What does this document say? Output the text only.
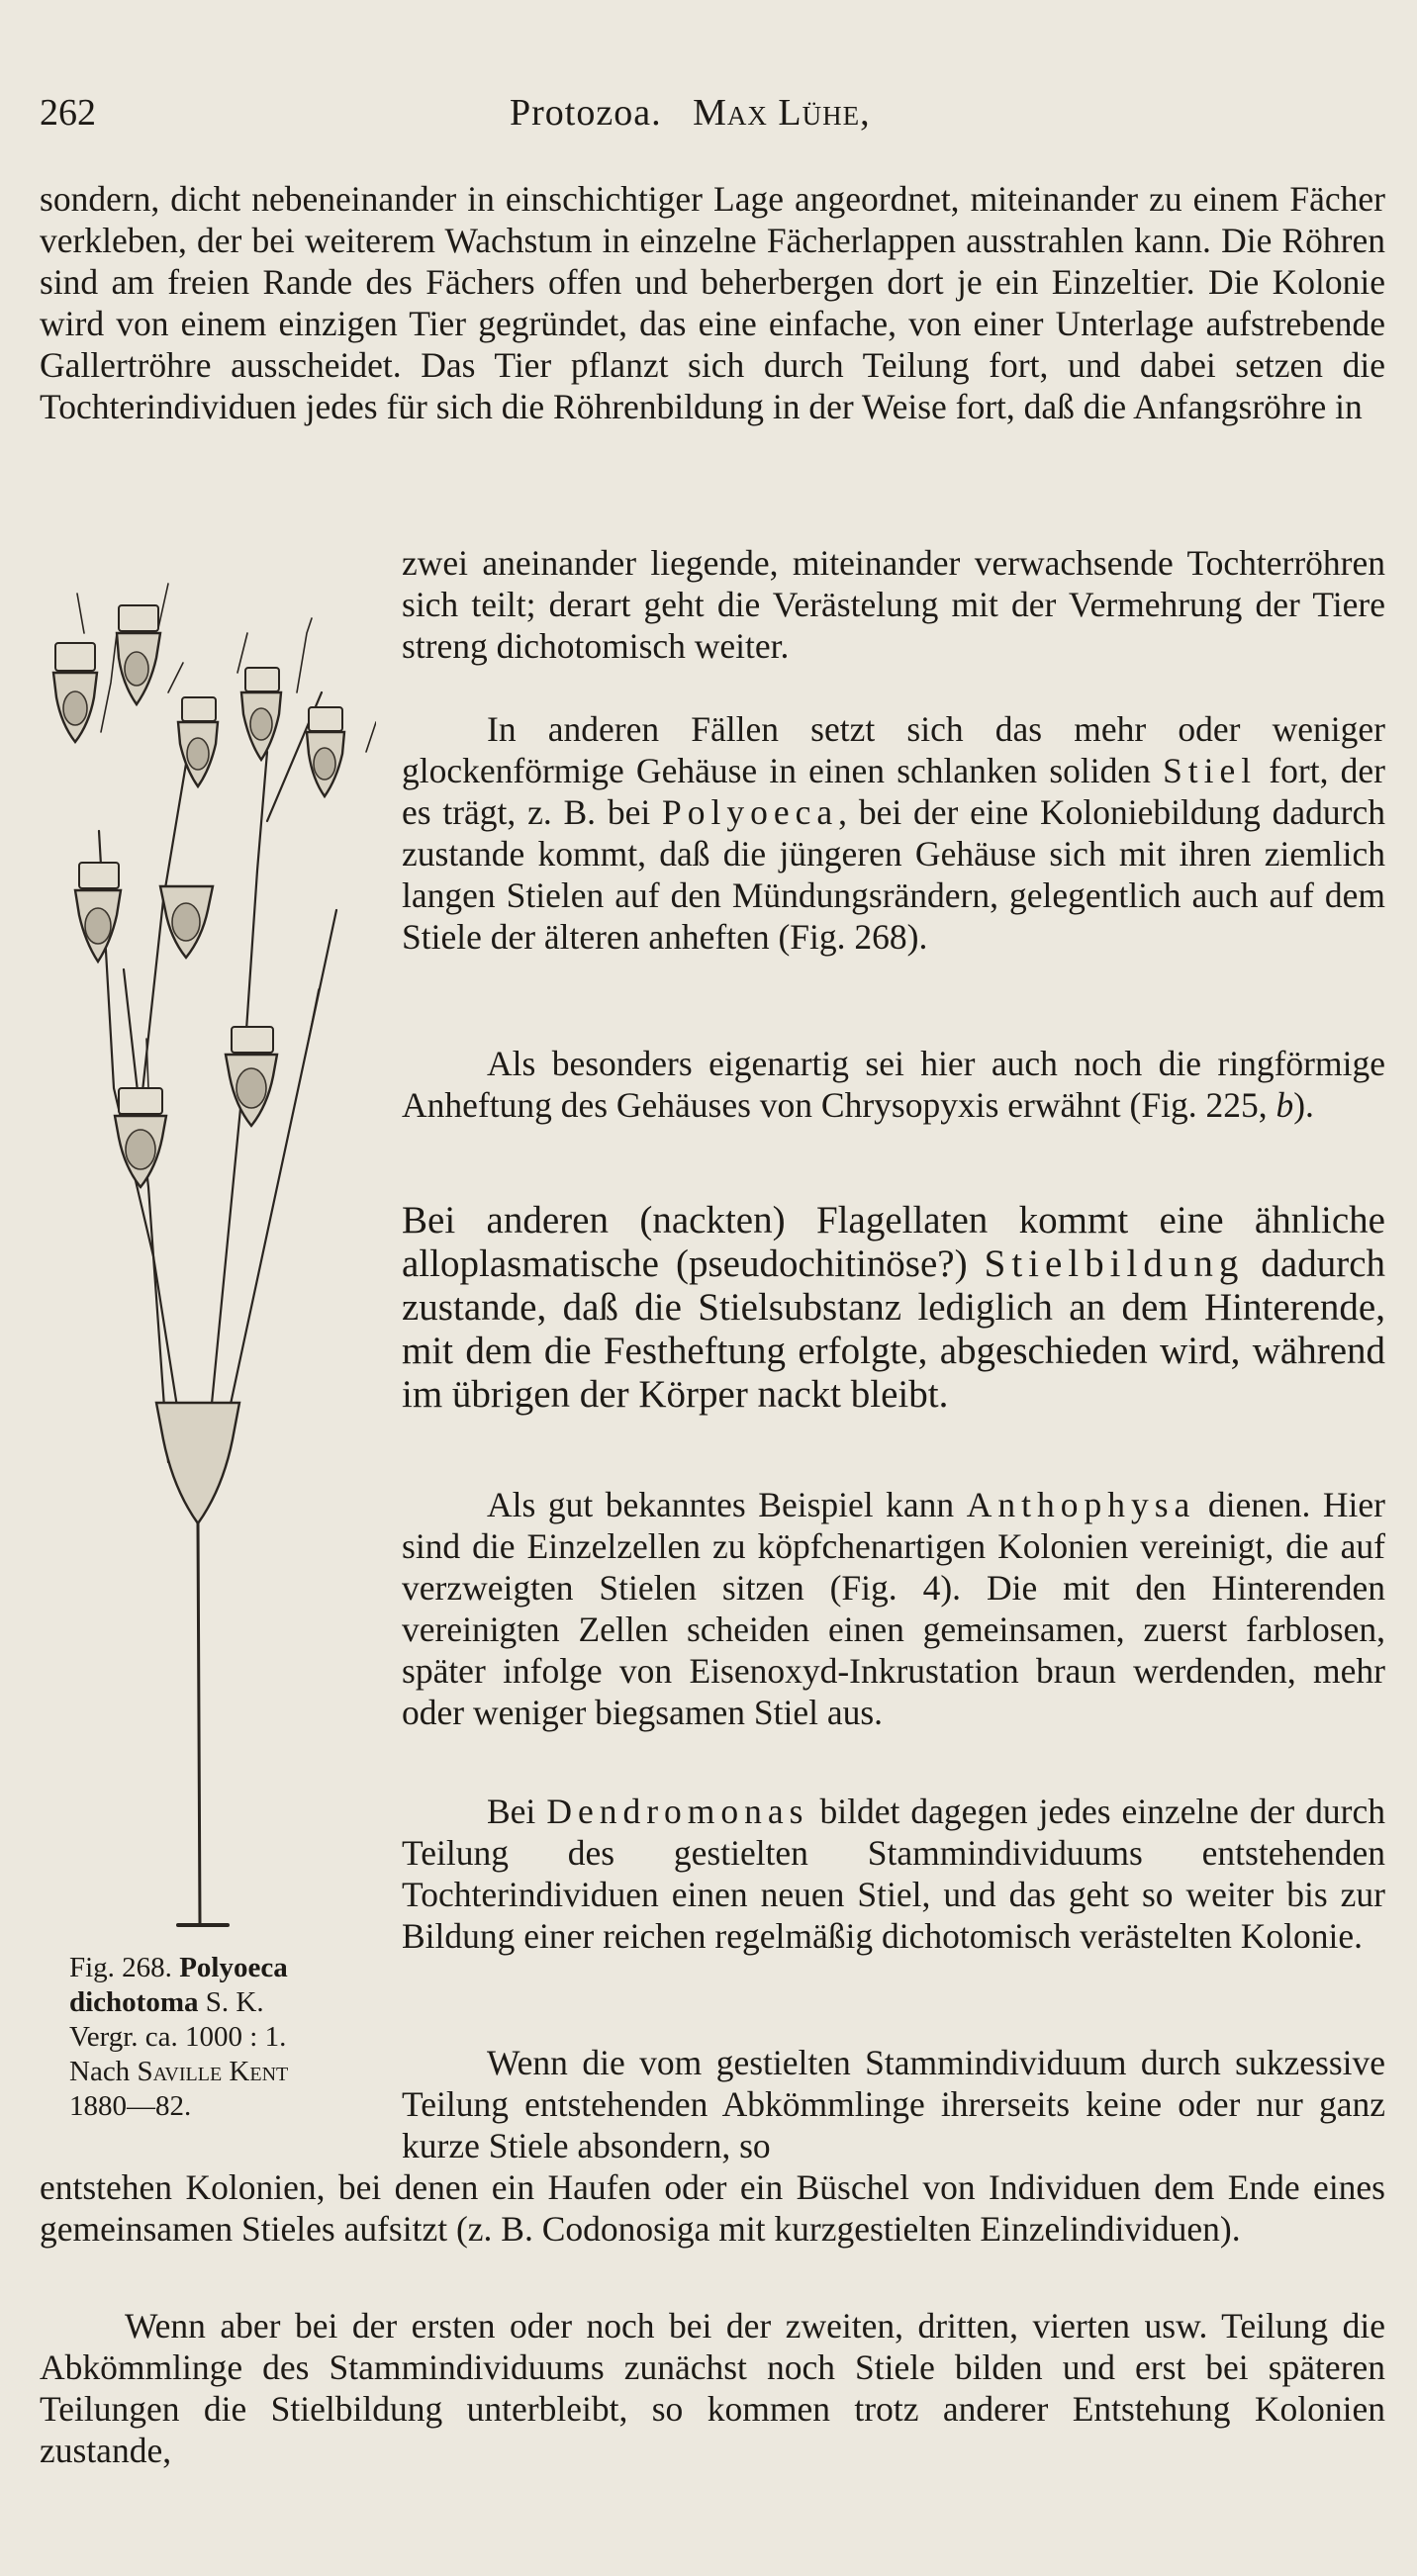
262	Protozoa. Max Lühe,
sondern, dicht nebeneinander in einschichtiger Lage angeordnet, miteinander zu einem Fächer verkleben, der bei weiterem Wachstum in einzelne Fächerlappen ausstrahlen kann. Die Röhren sind am freien Rande des Fächers offen und beherbergen dort je ein Einzeltier. Die Kolonie wird von einem einzigen Tier gegründet, das eine einfache, von einer Unterlage aufstrebende Gallertröhre ausscheidet. Das Tier pflanzt sich durch Teilung fort, und dabei setzen die Tochterindividuen jedes für sich die Röhrenbildung in der Weise fort, daß die Anfangsröhre in
zwei aneinander liegende, miteinander verwachsende Tochterröhren sich teilt; derart geht die Verästelung mit der Vermehrung der Tiere streng dichotomisch weiter.
In anderen Fällen setzt sich das mehr oder weniger glockenförmige Gehäuse in einen schlanken soliden Stiel fort, der es trägt, z. B. bei Polyoeca, bei der eine Koloniebildung dadurch zustande kommt, daß die jüngeren Gehäuse sich mit ihren ziemlich langen Stielen auf den Mündungsrändern, gelegentlich auch auf dem Stiele der älteren anheften (Fig. 268).
Als besonders eigenartig sei hier auch noch die ringförmige Anheftung des Gehäuses von Chrysopyxis erwähnt (Fig. 225, b).
Bei anderen (nackten) Flagellaten kommt eine ähnliche alloplasmatische (pseudochitinöse?) Stielbildung dadurch zustande, daß die Stielsubstanz lediglich an dem Hinterende, mit dem die Festheftung erfolgte, abgeschieden wird, während im übrigen der Körper nackt bleibt.
Als gut bekanntes Beispiel kann Anthophysa dienen. Hier sind die Einzelzellen zu köpfchenartigen Kolonien vereinigt, die auf verzweigten Stielen sitzen (Fig. 4). Die mit den Hinterenden vereinigten Zellen scheiden einen gemeinsamen, zuerst farblosen, später infolge von Eisenoxyd-Inkrustation braun werdenden, mehr oder weniger biegsamen Stiel aus.
Bei Dendromonas bildet dagegen jedes einzelne der durch Teilung des gestielten Stammindividuums entstehenden Tochterindividuen einen neuen Stiel, und das geht so weiter bis zur Bildung einer reichen regelmäßig dichotomisch verästelten Kolonie.
Wenn die vom gestielten Stammindividuum durch sukzessive Teilung entstehenden Abkömmlinge ihrerseits keine oder nur ganz kurze Stiele absondern, so
entstehen Kolonien, bei denen ein Haufen oder ein Büschel von Individuen dem Ende eines gemeinsamen Stieles aufsitzt (z. B. Codonosiga mit kurzgestielten Einzelindividuen).
Wenn aber bei der ersten oder noch bei der zweiten, dritten, vierten usw. Teilung die Abkömmlinge des Stammindividuums zunächst noch Stiele bilden und erst bei späteren Teilungen die Stielbildung unterbleibt, so kommen trotz anderer Entstehung Kolonien zustande,
Fig. 268. Polyoeca dichotoma S. K.
Vergr. ca. 1000 : 1.
Nach Saville Kent
1880—82.
